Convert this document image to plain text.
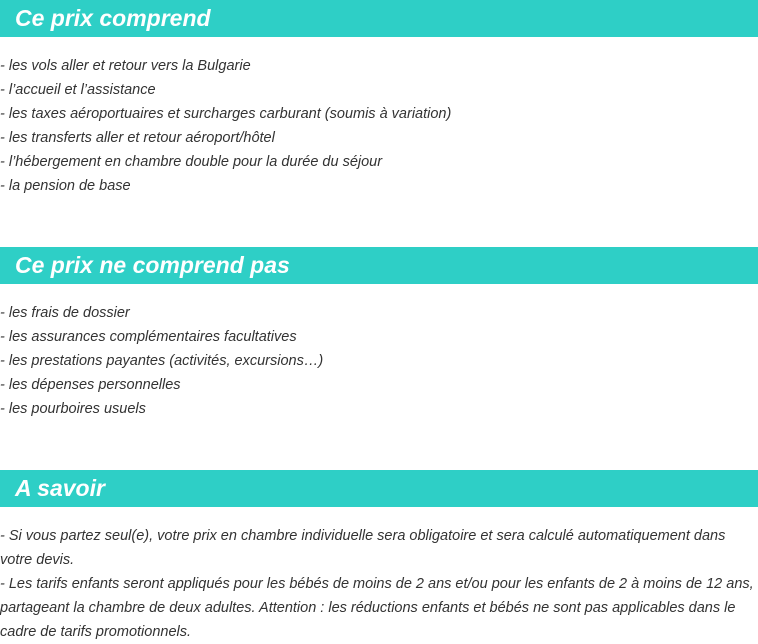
Ce prix comprend
- les vols aller et retour vers la Bulgarie
- l’accueil et l’assistance
- les taxes aéroportuaires et surcharges carburant (soumis à variation)
- les transferts aller et retour aéroport/hôtel
- l’hébergement en chambre double pour la durée du séjour
- la pension de base
Ce prix ne comprend pas
- les frais de dossier
- les assurances complémentaires facultatives
- les prestations payantes (activités, excursions…)
- les dépenses personnelles
- les pourboires usuels
A savoir

- Si vous partez seul(e), votre prix en chambre individuelle sera obligatoire et sera calculé automatiquement dans votre devis.

- Les tarifs enfants seront appliqués pour les bébés de moins de 2 ans et/ou pour les enfants de 2 à moins de 12 ans, partageant la chambre de deux adultes. Attention : les réductions enfants et bébés ne sont pas applicables dans le cadre de tarifs promotionnels.
